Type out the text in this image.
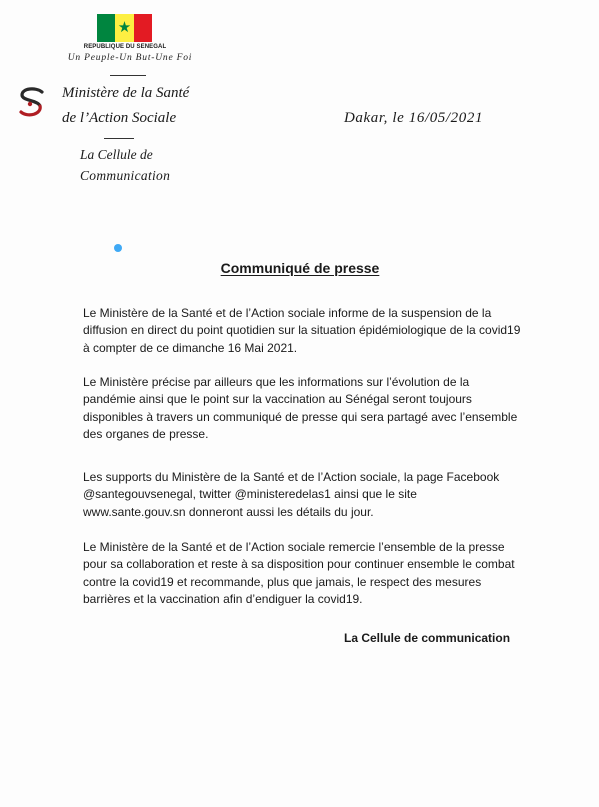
★
REPUBLIQUE DU SENEGAL
Un Peuple-Un But-Une Foi
Ministère de la Santé
de l’Action Sociale	Dakar, le 16/05/2021
La Cellule de
Communication
Communiqué de presse
Le Ministère de la Santé et de l’Action sociale informe de la suspension de la
diffusion en direct du point quotidien sur la situation épidémiologique de la covid19
à compter de ce dimanche 16 Mai 2021.
Le Ministère précise par ailleurs que les informations sur l’évolution de la
pandémie ainsi que le point sur la vaccination au Sénégal seront toujours
disponibles à travers un communiqué de presse qui sera partagé avec l’ensemble
des organes de presse.
Les supports du Ministère de la Santé et de l’Action sociale, la page Facebook
@santegouvsenegal, twitter @ministeredelas1 ainsi que le site
www.sante.gouv.sn donneront aussi les détails du jour.
Le Ministère de la Santé et de l’Action sociale remercie l’ensemble de la presse
pour sa collaboration et reste à sa disposition pour continuer ensemble le combat
contre la covid19 et recommande, plus que jamais, le respect des mesures
barrières et la vaccination afin d’endiguer la covid19.
La Cellule de communication
